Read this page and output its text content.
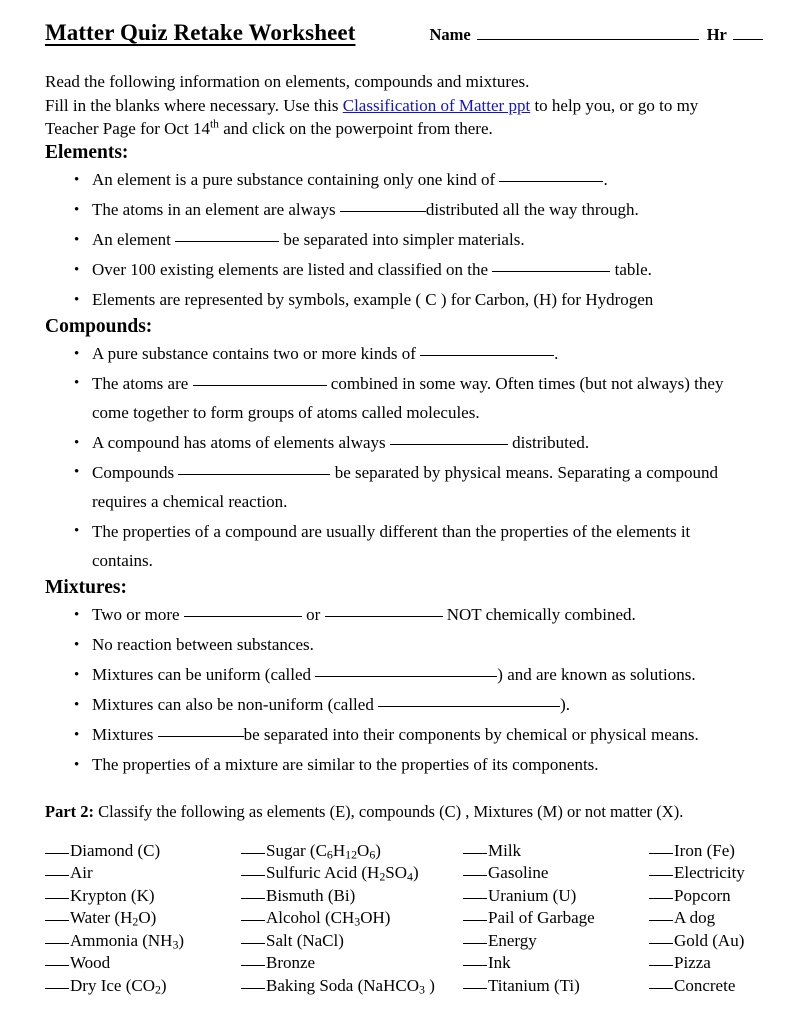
Matter Quiz Retake Worksheet	Name	Hr
Read the following information on elements, compounds and mixtures.
Fill in the blanks where necessary. Use this Classification of Matter ppt to help you, or go to my
Teacher Page for Oct 14th and click on the powerpoint from there.
Elements:
• An element is a pure substance containing only one kind of	.
• The atoms in an element are always	distributed all the way through.
• An element	be separated into simpler materials.
• Over 100 existing elements are listed and classified on the	table.
• Elements are represented by symbols, example ( C ) for Carbon, (H) for Hydrogen
Compounds:
• A pure substance contains two or more kinds of	.
• The atoms are	combined in some way. Often times (but not always) they come together to form groups of atoms called molecules.
• A compound has atoms of elements always	distributed.
• Compounds	be separated by physical means. Separating a compound requires a chemical reaction.
• The properties of a compound are usually different than the properties of the elements it contains.
Mixtures:
• Two or more	or	NOT chemically combined.
• No reaction between substances.
• Mixtures can be uniform (called	) and are known as solutions.
• Mixtures can also be non-uniform (called	).
• Mixtures	be separated into their components by chemical or physical means.
• The properties of a mixture are similar to the properties of its components.
Part 2: Classify the following as elements (E), compounds (C) , Mixtures (M) or not matter (X).
Diamond (C)	Sugar $(C_6H_{12}O_6)$	Milk	Iron (Fe)
Air	Sulfuric Acid $(H_2SO_4)$	Gasoline	Electricity
Krypton (K)	Bismuth (Bi)	Uranium (U)	Popcorn
Water $(H_2O)$	Alcohol $(CH_3OH)$	Pail of Garbage	A dog
Ammonia $(NH_3)$	Salt (NaCl)	Energy	Gold (Au)
Wood	Bronze	Ink	Pizza
Dry Ice $(CO_2)$	Baking Soda (NaHCO$_3$ )	Titanium (Ti)	Concrete
